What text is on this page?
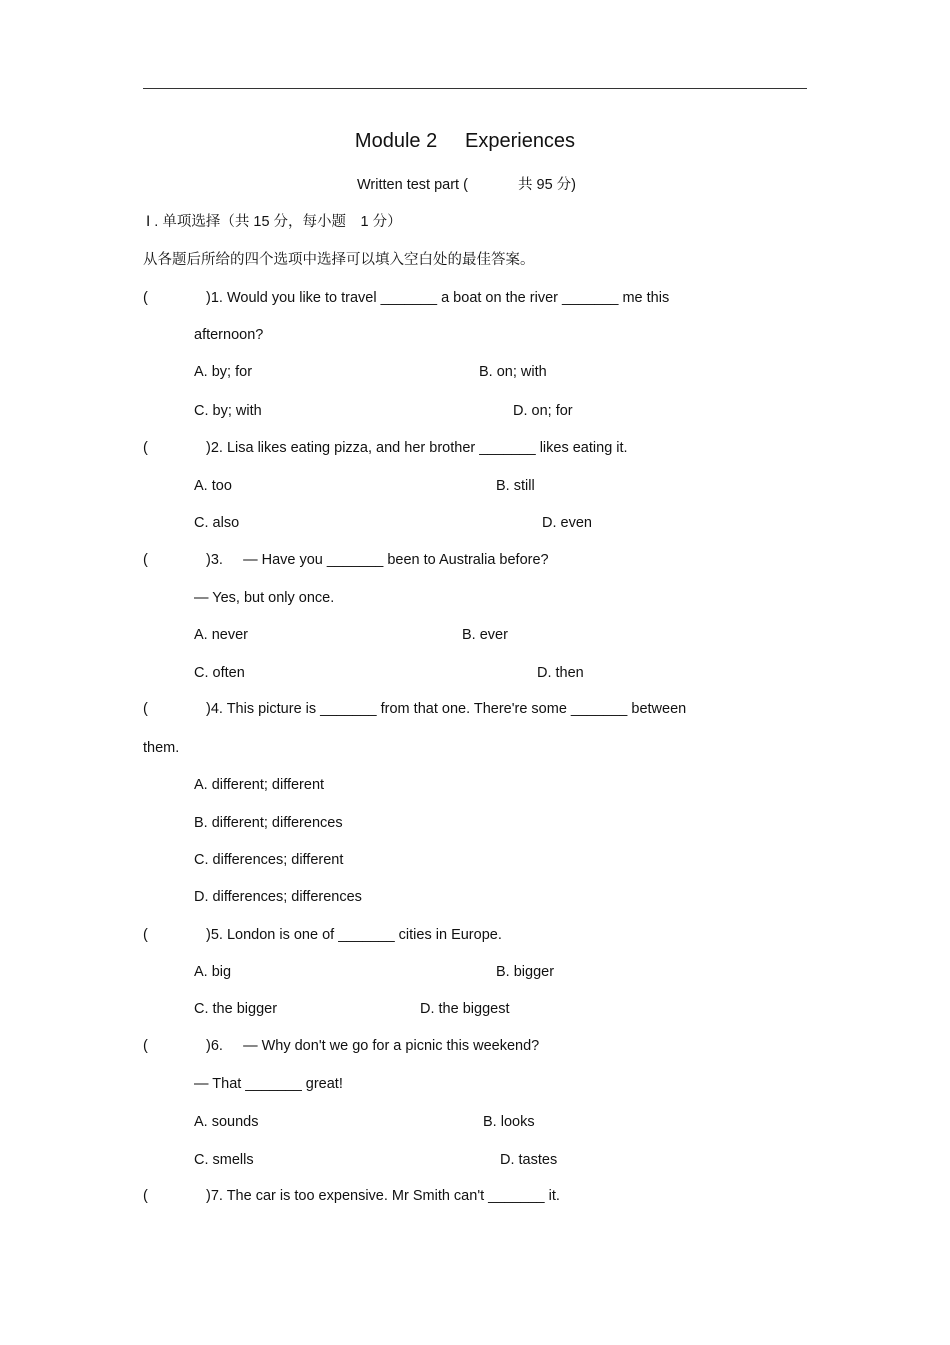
Module 2 Experiences
Written test part (	共 95 分)
Ⅰ . 单项选择（共 15 分，每小题　1 分）
从各题后所给的四个选项中选择可以填入空白处的最佳答案。
(	)1. Would you like to travel _______ a boat on the river _______ me this
afternoon?
A. by; for	B. on; with
C. by; with	D. on; for
(	)2. Lisa likes eating pizza, and her brother _______ likes eating it.
A. too	B. still
C. also	D. even
(	)3.     — Have you _______ been to Australia before?
— Yes, but only once.
A. never	B. ever
C. often	D. then
(	)4. This picture is _______ from that one. There're some _______ between
them.
A. different; different
B. different; differences
C. differences; different
D. differences; differences
(	)5. London is one of _______ cities in Europe.
A. big	B. bigger
C. the bigger	D. the biggest
(	)6.     — Why don't we go for a picnic this weekend?
— That _______ great!
A. sounds	B. looks
C. smells	D. tastes
(	)7. The car is too expensive. Mr Smith can't _______ it.
